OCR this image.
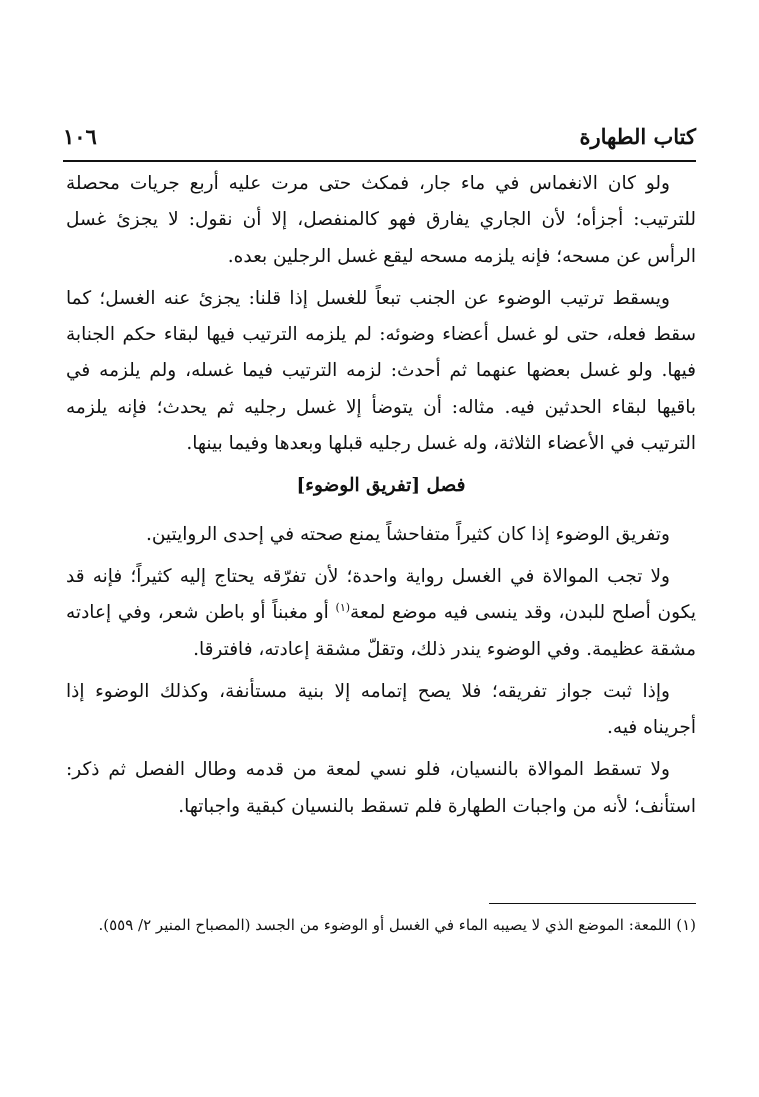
كتاب الطهارة
١٠٦

ولو كان الانغماس في ماء جار، فمكث حتى مرت عليه أربع جريات محصلة للترتيب: أجزأه؛ لأن الجاري يفارق فهو كالمنفصل، إلا أن نقول: لا يجزئ غسل الرأس عن مسحه؛ فإنه يلزمه مسحه ليقع غسل الرجلين بعده.

ويسقط ترتيب الوضوء عن الجنب تبعاً للغسل إذا قلنا: يجزئ عنه الغسل؛ كما سقط فعله، حتى لو غسل أعضاء وضوئه: لم يلزمه الترتيب فيها لبقاء حكم الجنابة فيها. ولو غسل بعضها عنهما ثم أحدث: لزمه الترتيب فيما غسله، ولم يلزمه في باقيها لبقاء الحدثين فيه. مثاله: أن يتوضأ إلا غسل رجليه ثم يحدث؛ فإنه يلزمه الترتيب في الأعضاء الثلاثة، وله غسل رجليه قبلها وبعدها وفيما بينها.

فصل [تفريق الوضوء]

وتفريق الوضوء إذا كان كثيراً متفاحشاً يمنع صحته في إحدى الروايتين.

ولا تجب الموالاة في الغسل رواية واحدة؛ لأن تفرّقه يحتاج إليه كثيراً؛ فإنه قد يكون أصلح للبدن، وقد ينسى فيه موضع لمعة$^{(١)}$ أو مغبناً أو باطن شعر، وفي إعادته مشقة عظيمة. وفي الوضوء يندر ذلك، وتقلّ مشقة إعادته، فافترقا.

وإذا ثبت جواز تفريقه؛ فلا يصح إتمامه إلا بنية مستأنفة، وكذلك الوضوء إذا أجريناه فيه.

ولا تسقط الموالاة بالنسيان، فلو نسي لمعة من قدمه وطال الفصل ثم ذكر: استأنف؛ لأنه من واجبات الطهارة فلم تسقط بالنسيان كبقية واجباتها.

(١) اللمعة: الموضع الذي لا يصيبه الماء في الغسل أو الوضوء من الجسد (المصباح المنير ٢/ ٥٥٩).
